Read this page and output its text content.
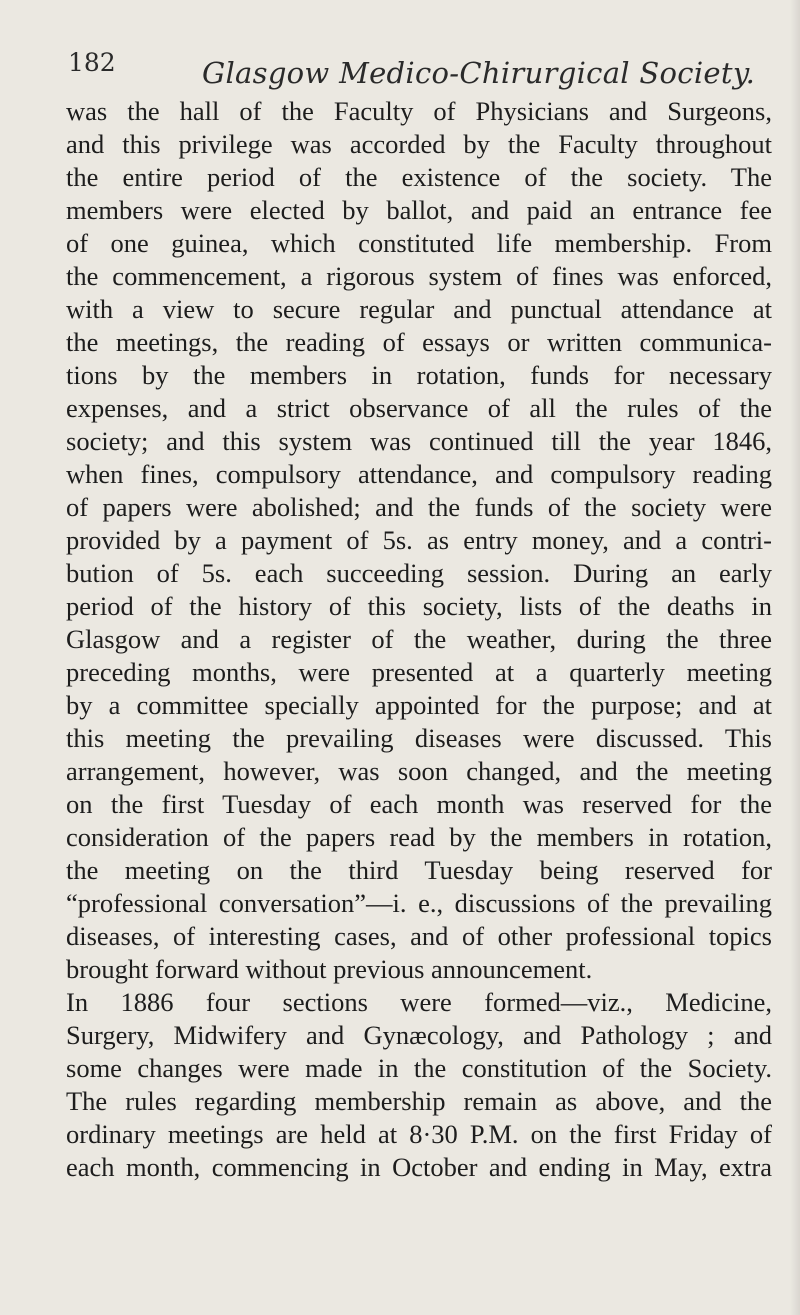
182	Glasgow Medico-Chirurgical Society.
was the hall of the Faculty of Physicians and Surgeons,
and this privilege was accorded by the Faculty throughout
the entire period of the existence of the society. The
members were elected by ballot, and paid an entrance fee
of one guinea, which constituted life membership. From
the commencement, a rigorous system of fines was enforced,
with a view to secure regular and punctual attendance at
the meetings, the reading of essays or written communica-
tions by the members in rotation, funds for necessary
expenses, and a strict observance of all the rules of the
society; and this system was continued till the year 1846,
when fines, compulsory attendance, and compulsory reading
of papers were abolished; and the funds of the society were
provided by a payment of 5s. as entry money, and a contri-
bution of 5s. each succeeding session. During an early
period of the history of this society, lists of the deaths in
Glasgow and a register of the weather, during the three
preceding months, were presented at a quarterly meeting
by a committee specially appointed for the purpose; and at
this meeting the prevailing diseases were discussed. This
arrangement, however, was soon changed, and the meeting
on the first Tuesday of each month was reserved for the
consideration of the papers read by the members in rotation,
the meeting on the third Tuesday being reserved for
“professional conversation”—i. e., discussions of the prevailing
diseases, of interesting cases, and of other professional topics
brought forward without previous announcement.
In 1886 four sections were formed—viz., Medicine,
Surgery, Midwifery and Gynæcology, and Pathology ; and
some changes were made in the constitution of the Society.
The rules regarding membership remain as above, and the
ordinary meetings are held at 8·30 P.M. on the first Friday of
each month, commencing in October and ending in May, extra
